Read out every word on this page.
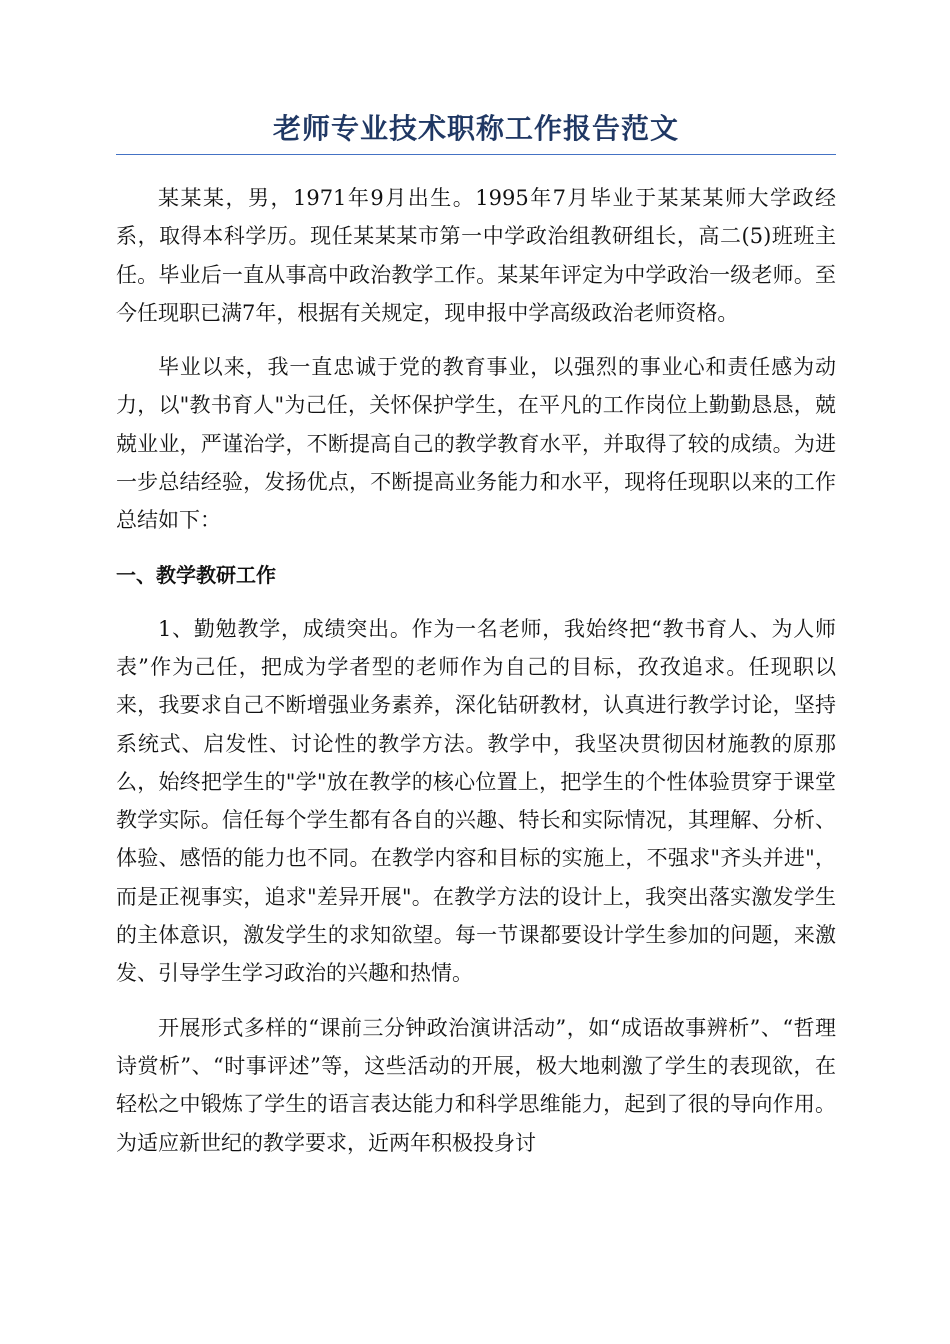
老师专业技术职称工作报告范文

某某某，男，1971年9月出生。1995年7月毕业于某某某师大学政经系，取得本科学历。现任某某某市第一中学政治组教研组长，高二(5)班班主任。毕业后一直从事高中政治教学工作。某某年评定为中学政治一级老师。至今任现职已满7年，根据有关规定，现申报中学高级政治老师资格。

毕业以来，我一直忠诚于党的教育事业，以强烈的事业心和责任感为动力，以"教书育人"为己任，关怀保护学生，在平凡的工作岗位上勤勤恳恳，兢兢业业，严谨治学，不断提高自己的教学教育水平，并取得了较的成绩。为进一步总结经验，发扬优点，不断提高业务能力和水平，现将任现职以来的工作总结如下：

一、教学教研工作

1、勤勉教学，成绩突出。作为一名老师，我始终把“教书育人、为人师表”作为己任，把成为学者型的老师作为自己的目标，孜孜追求。任现职以来，我要求自己不断增强业务素养，深化钻研教材，认真进行教学讨论，坚持系统式、启发性、讨论性的教学方法。教学中，我坚决贯彻因材施教的原那么，始终把学生的"学"放在教学的核心位置上，把学生的个性体验贯穿于课堂教学实际。信任每个学生都有各自的兴趣、特长和实际情况，其理解、分析、体验、感悟的能力也不同。在教学内容和目标的实施上，不强求"齐头并进"，而是正视事实，追求"差异开展"。在教学方法的设计上，我突出落实激发学生的主体意识，激发学生的求知欲望。每一节课都要设计学生参加的问题，来激发、引导学生学习政治的兴趣和热情。

开展形式多样的“课前三分钟政治演讲活动”，如“成语故事辨析”、“哲理诗赏析”、“时事评述”等，这些活动的开展，极大地刺激了学生的表现欲，在轻松之中锻炼了学生的语言表达能力和科学思维能力，起到了很的导向作用。为适应新世纪的教学要求，近两年积极投身讨
